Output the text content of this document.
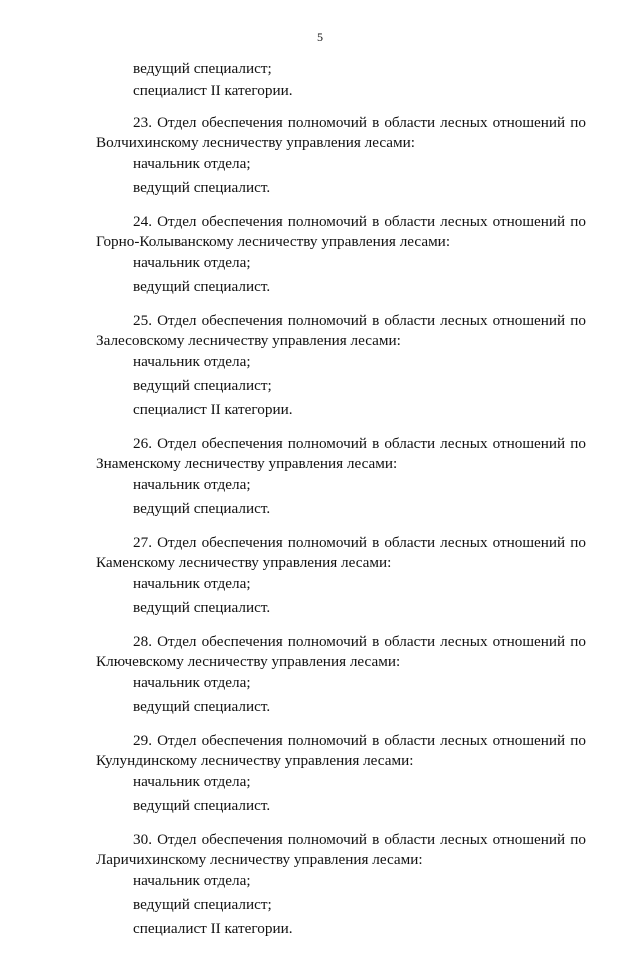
5

ведущий специалист;

специалист II категории.

23. Отдел обеспечения полномочий в области лесных отношений по
Волчихинскому лесничеству управления лесами:

начальник отдела;

ведущий специалист.

24. Отдел обеспечения полномочий в области лесных отношений по
Горно-Колыванскому лесничеству управления лесами:

начальник отдела;

ведущий специалист.

25. Отдел обеспечения полномочий в области лесных отношений по
Залесовскому лесничеству управления лесами:

начальник отдела;

ведущий специалист;

специалист II категории.

26. Отдел обеспечения полномочий в области лесных отношений по
Знаменскому лесничеству управления лесами:

начальник отдела;

ведущий специалист.

27. Отдел обеспечения полномочий в области лесных отношений по
Каменскому лесничеству управления лесами:

начальник отдела;

ведущий специалист.

28. Отдел обеспечения полномочий в области лесных отношений по
Ключевскому лесничеству управления лесами:

начальник отдела;

ведущий специалист.

29. Отдел обеспечения полномочий в области лесных отношений по
Кулундинскому лесничеству управления лесами:

начальник отдела;

ведущий специалист.

30. Отдел обеспечения полномочий в области лесных отношений по
Ларичихинскому лесничеству управления лесами:

начальник отдела;

ведущий специалист;

специалист II категории.
